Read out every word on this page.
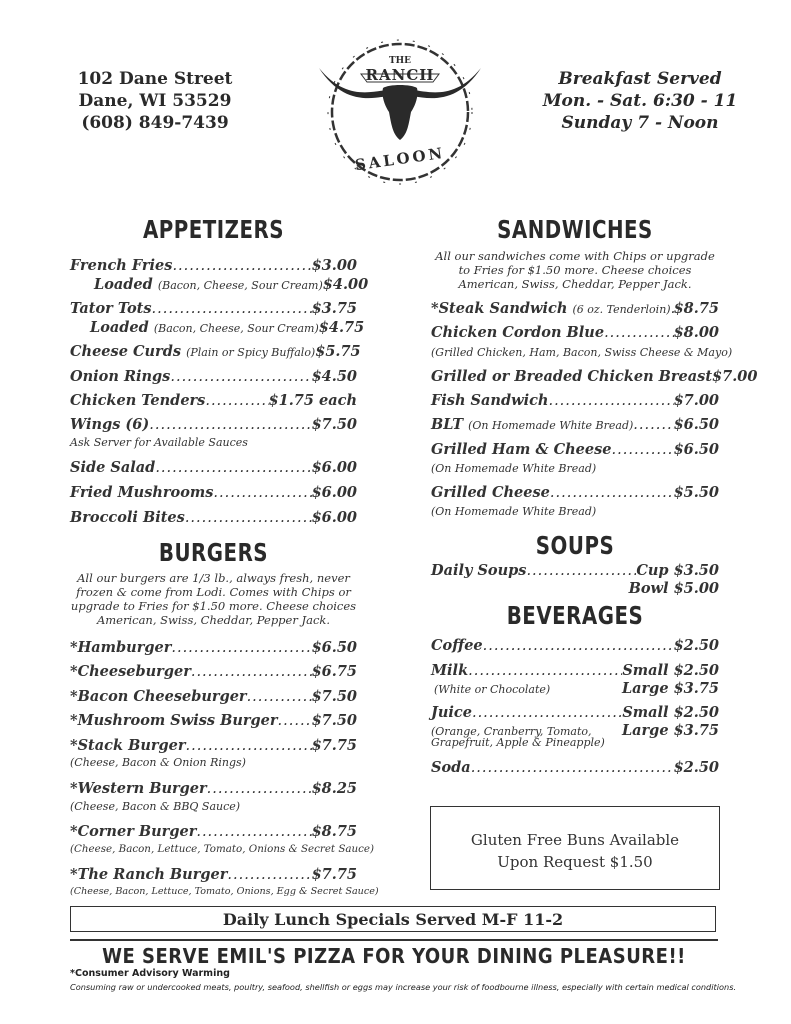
102 Dane Street
Dane, WI 53529
(608) 849-7439
THE
RANCH
SALOON
Breakfast Served
Mon. - Sat. 6:30 - 11
Sunday 7 - Noon
APPETIZERS
French Fries .....	$3.00
Loaded (Bacon, Cheese, Sour Cream) $4.00
Tator Tots .....	$3.75
Loaded (Bacon, Cheese, Sour Cream) $4.75
Cheese Curds (Plain or Spicy Buffalo) $5.75
Onion Rings .....	$4.50
Chicken Tenders .....	$1.75 each
Wings (6) .....	$7.50
Ask Server for Available Sauces
Side Salad .....	$6.00
Fried Mushrooms .....	$6.00
Broccoli Bites .....	$6.00
BURGERS
All our burgers are 1/3 lb., always fresh, never frozen & come from Lodi. Comes with Chips or upgrade to Fries for $1.50 more. Cheese choices American, Swiss, Cheddar, Pepper Jack.
*Hamburger .....	$6.50
*Cheeseburger .....	$6.75
*Bacon Cheeseburger .....	$7.50
*Mushroom Swiss Burger ..... $7.50
*Stack Burger .....	$7.75
(Cheese, Bacon & Onion Rings)
*Western Burger .....	$8.25
(Cheese, Bacon & BBQ Sauce)
*Corner Burger .....	$8.75
(Cheese, Bacon, Lettuce, Tomato, Onions & Secret Sauce)
*The Ranch Burger .....	$7.75
(Cheese, Bacon, Lettuce, Tomato, Onions, Egg & Secret Sauce)
SANDWICHES
All our sandwiches come with Chips or upgrade to Fries for $1.50 more. Cheese choices American, Swiss, Cheddar, Pepper Jack.
*Steak Sandwich (6 oz. Tenderloin) ..... $8.75
Chicken Cordon Blue .....	$8.00
(Grilled Chicken, Ham, Bacon, Swiss Cheese & Mayo)
Grilled or Breaded Chicken Breast $7.00
Fish Sandwich .....	$7.00
BLT (On Homemade White Bread) .....	$6.50
Grilled Ham & Cheese .....	$6.50
(On Homemade White Bread)
Grilled Cheese .....	$5.50
(On Homemade White Bread)
SOUPS
Daily Soups .....	Cup $3.50
Bowl $5.00
BEVERAGES
Coffee .....	$2.50
Milk .....	Small $2.50
(White or Chocolate)	Large $3.75
Juice .....	Small $2.50
(Orange, Cranberry, Tomato, Large $3.75
Grapefruit, Apple & Pineapple)
Soda .....	$2.50
Gluten Free Buns Available
Upon Request $1.50
Daily Lunch Specials Served M-F 11-2
WE SERVE EMIL'S PIZZA FOR YOUR DINING PLEASURE!!
*Consumer Advisory Warming
Consuming raw or undercooked meats, poultry, seafood, shellfish or eggs may increase your risk of foodbourne illness, especially with certain medical conditions.
